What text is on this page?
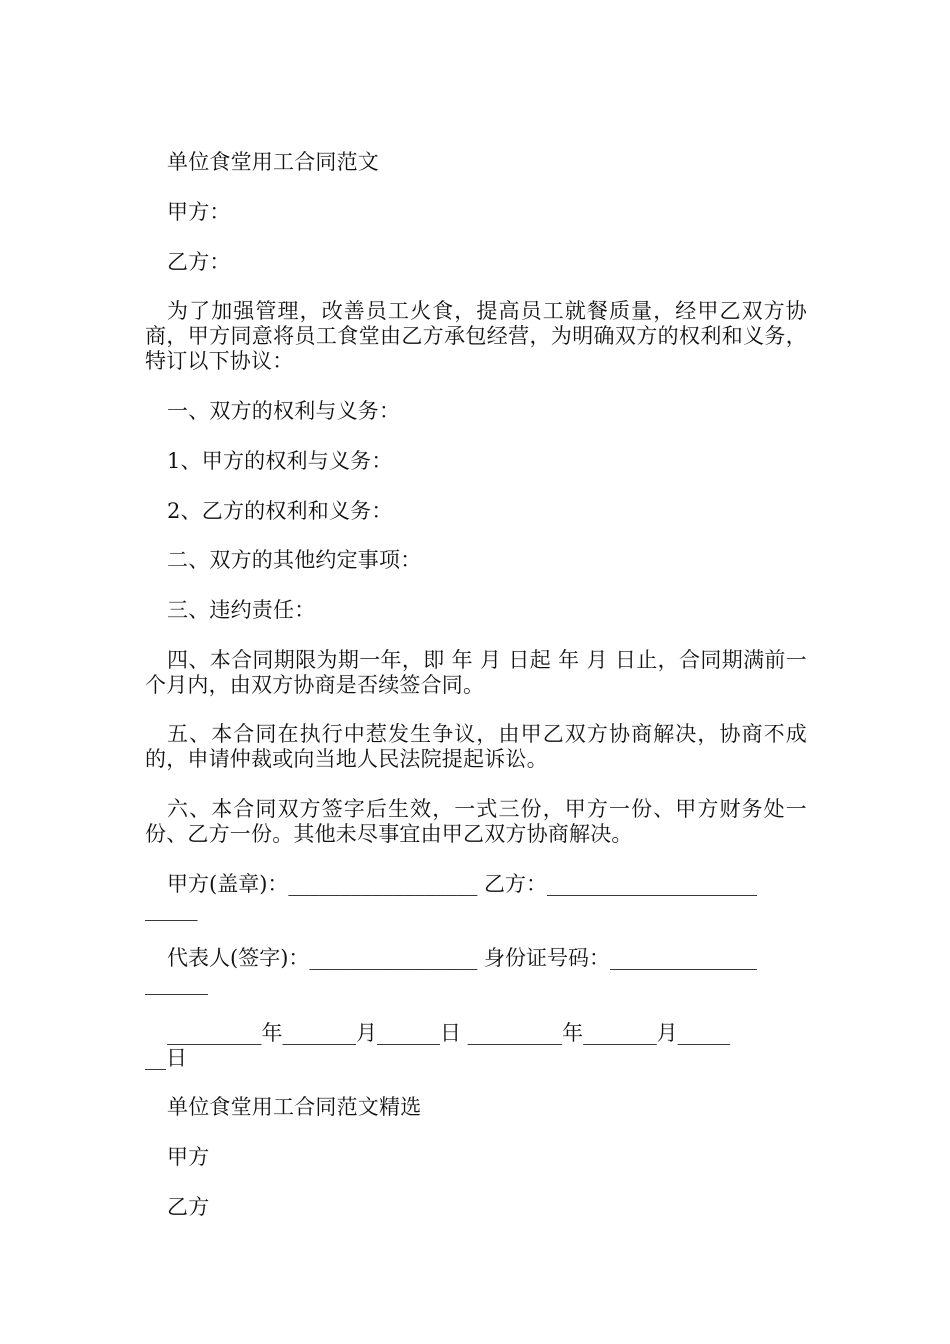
单位食堂用工合同范文

甲方：

乙方：

为了加强管理，改善员工火食，提高员工就餐质量，经甲乙双方协商，甲方同意将员工食堂由乙方承包经营，为明确双方的权利和义务，特订以下协议：

一、双方的权利与义务：

1、甲方的权利与义务：

2、乙方的权利和义务：

二、双方的其他约定事项：

三、违约责任：

四、本合同期限为期一年，即 年 月 日起 年 月 日止，合同期满前一个月内，由双方协商是否续签合同。

五、本合同在执行中惹发生争议，由甲乙双方协商解决，协商不成的，申请仲裁或向当地人民法院提起诉讼。

六、本合同双方签字后生效，一式三份，甲方一份、甲方财务处一份、乙方一份。其他未尽事宜由甲乙双方协商解决。

甲方(盖章)：__________________ 乙方：____________________
_____
代表人(签字)：________________ 身份证号码：______________
______
_________年_______月______日 _________年_______月_____
__日

单位食堂用工合同范文精选

甲方

乙方
